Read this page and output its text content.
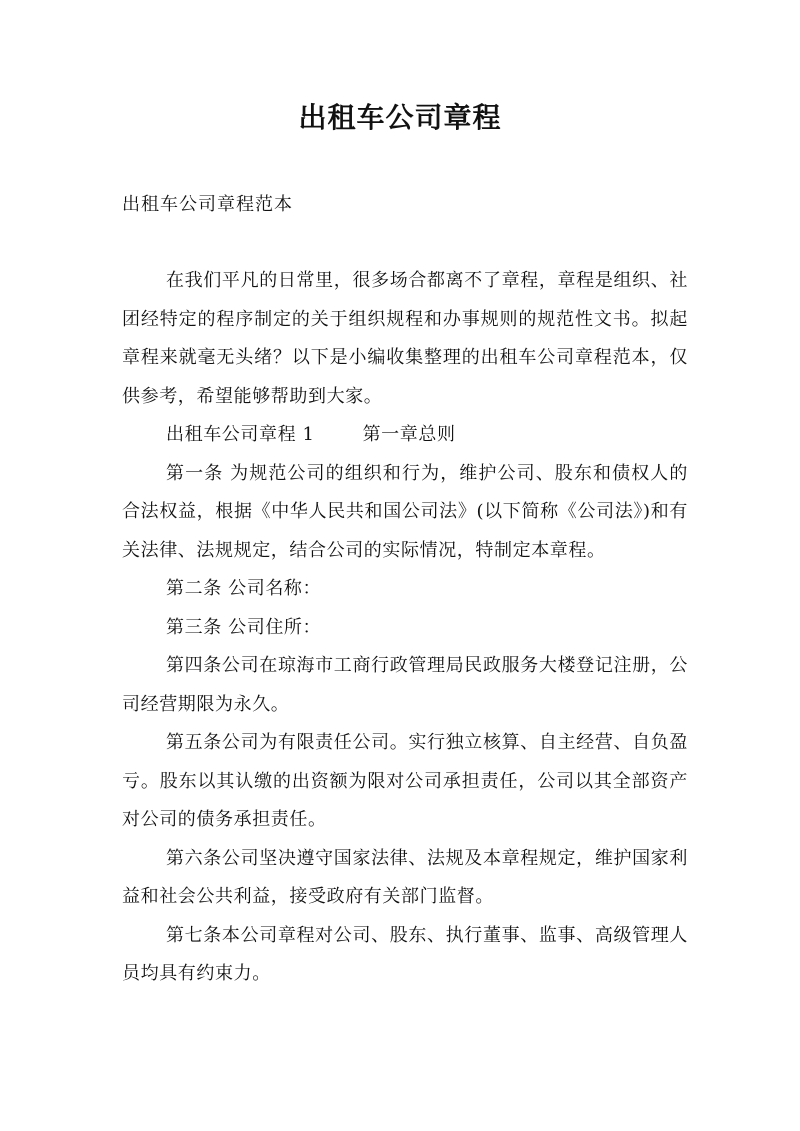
出租车公司章程
出租车公司章程范本

在我们平凡的日常里，很多场合都离不了章程，章程是组织、社团经特定的程序制定的关于组织规程和办事规则的规范性文书。拟起章程来就毫无头绪？以下是小编收集整理的出租车公司章程范本，仅供参考，希望能够帮助到大家。

出租车公司章程 1	第一章总则

第一条 为规范公司的组织和行为，维护公司、股东和债权人的合法权益，根据《中华人民共和国公司法》(以下简称《公司法》)和有关法律、法规规定，结合公司的实际情况，特制定本章程。

第二条 公司名称：

第三条 公司住所：

第四条公司在琼海市工商行政管理局民政服务大楼登记注册，公司经营期限为永久。

第五条公司为有限责任公司。实行独立核算、自主经营、自负盈亏。股东以其认缴的出资额为限对公司承担责任，公司以其全部资产对公司的债务承担责任。

第六条公司坚决遵守国家法律、法规及本章程规定，维护国家利益和社会公共利益，接受政府有关部门监督。

第七条本公司章程对公司、股东、执行董事、监事、高级管理人员均具有约束力。
